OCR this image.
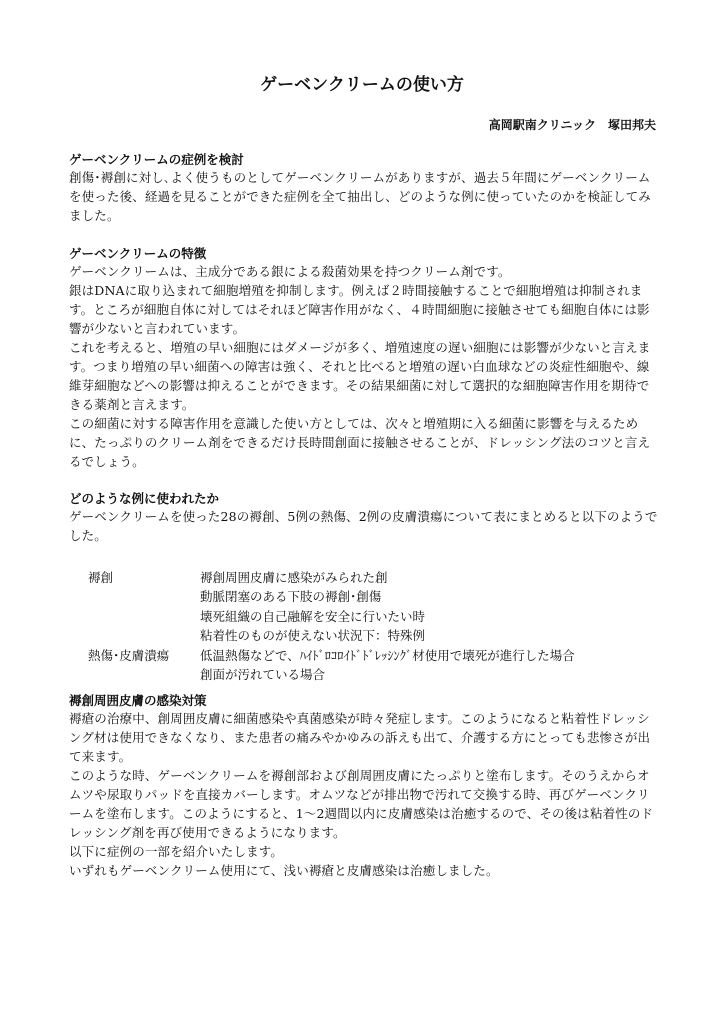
ゲーベンクリームの使い方
高岡駅南クリニック　塚田邦夫
ゲーベンクリームの症例を検討
創傷･褥創に対し､よく使うものとしてゲーベンクリームがありますが、過去５年間にゲーベンクリームを使った後、経過を見ることができた症例を全て抽出し、どのような例に使っていたのかを検証してみました。
ゲーベンクリームの特徴
ゲーベンクリームは、主成分である銀による殺菌効果を持つクリーム剤です。
銀はDNAに取り込まれて細胞増殖を抑制します。例えば２時間接触することで細胞増殖は抑制されます。ところが細胞自体に対してはそれほど障害作用がなく、４時間細胞に接触させても細胞自体には影響が少ないと言われています。
これを考えると、増殖の早い細胞にはダメージが多く、増殖速度の遅い細胞には影響が少ないと言えます。つまり増殖の早い細菌への障害は強く、それと比べると増殖の遅い白血球などの炎症性細胞や、線維芽細胞などへの影響は抑えることができます。その結果細菌に対して選択的な細胞障害作用を期待できる薬剤と言えます。
この細菌に対する障害作用を意識した使い方としては、次々と増殖期に入る細菌に影響を与えるために、たっぷりのクリーム剤をできるだけ長時間創面に接触させることが、ドレッシング法のコツと言えるでしょう。
どのような例に使われたか
ゲーベンクリームを使った28の褥創、5例の熱傷、2例の皮膚潰瘍について表にまとめると以下のようでした。
褥創	褥創周囲皮膚に感染がみられた創
動脈閉塞のある下肢の褥創･創傷
壊死組織の自己融解を安全に行いたい時
粘着性のものが使えない状況下：特殊例
熱傷･皮膚潰瘍	低温熱傷などで、ﾊｲﾄﾞﾛｺﾛｲﾄﾞﾄﾞﾚｯｼﾝｸﾞ材使用で壊死が進行した場合
創面が汚れている場合
褥創周囲皮膚の感染対策
褥瘡の治療中、創周囲皮膚に細菌感染や真菌感染が時々発症します。このようになると粘着性ドレッシング材は使用できなくなり、また患者の痛みやかゆみの訴えも出て、介護する方にとっても悲惨さが出て来ます。
このような時、ゲーベンクリームを褥創部および創周囲皮膚にたっぷりと塗布します。そのうえからオムツや尿取りパッドを直接カバーします。オムツなどが排出物で汚れて交換する時、再びゲーベンクリームを塗布します。このようにすると、1〜2週間以内に皮膚感染は治癒するので、その後は粘着性のドレッシング剤を再び使用できるようになります。
以下に症例の一部を紹介いたします。
いずれもゲーベンクリーム使用にて、浅い褥瘡と皮膚感染は治癒しました。
